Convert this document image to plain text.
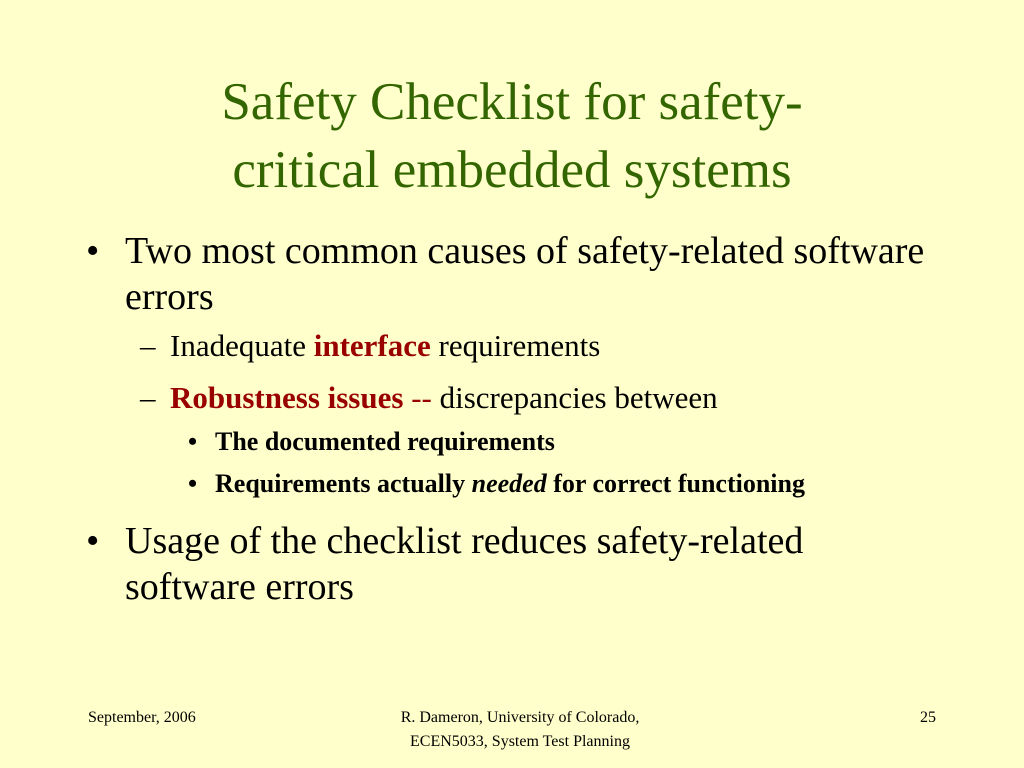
Safety Checklist for safety-
critical embedded systems
• Two most common causes of safety-related software errors
– Inadequate interface requirements
– Robustness issues -- discrepancies between
• The documented requirements
• Requirements actually needed for correct functioning
• Usage of the checklist reduces safety-related software errors
September, 2006	R. Dameron, University of Colorado,
ECEN5033, System Test Planning
25
